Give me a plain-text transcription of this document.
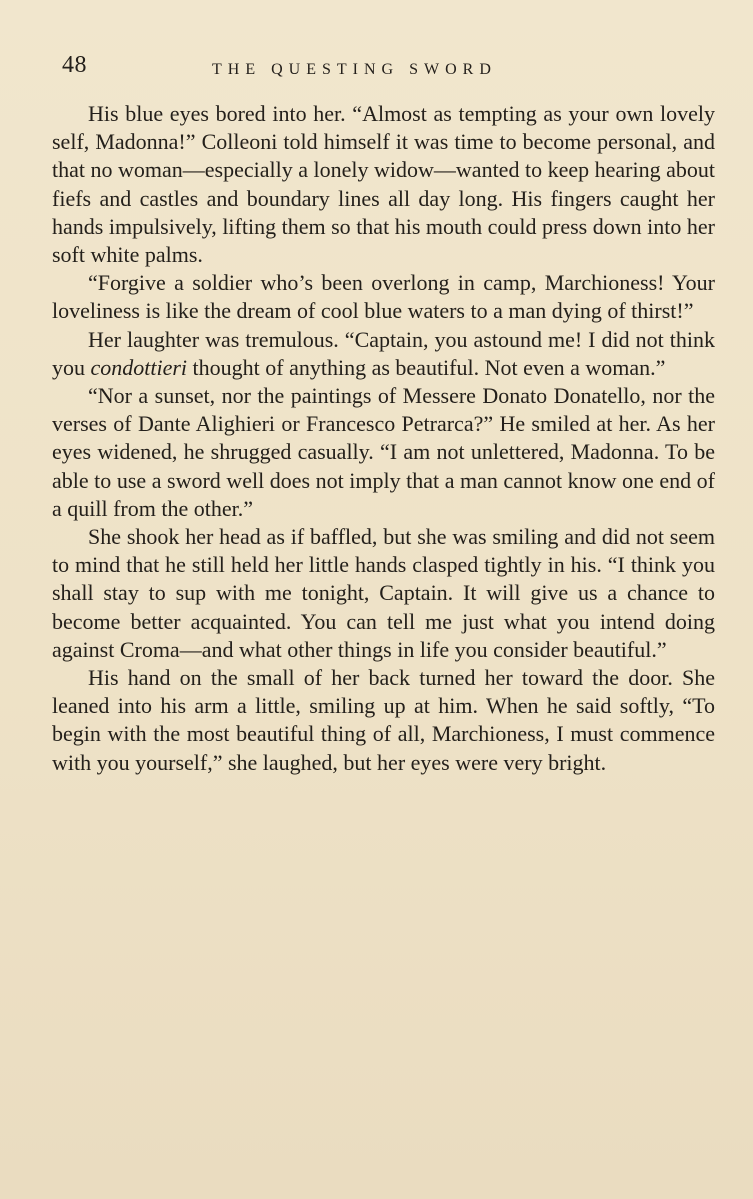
48	THE QUESTING SWORD

His blue eyes bored into her. “Almost as tempting as your own lovely self, Madonna!” Colleoni told himself it was time to become personal, and that no woman—especially a lonely widow—wanted to keep hearing about fiefs and castles and boundary lines all day long. His fingers caught her hands impulsively, lifting them so that his mouth could press down into her soft white palms.

“Forgive a soldier who’s been overlong in camp, Marchioness! Your loveliness is like the dream of cool blue waters to a man dying of thirst!”

Her laughter was tremulous. “Captain, you astound me! I did not think you condottieri thought of anything as beautiful. Not even a woman.”

“Nor a sunset, nor the paintings of Messere Donato Donatello, nor the verses of Dante Alighieri or Francesco Petrarca?” He smiled at her. As her eyes widened, he shrugged casually. “I am not unlettered, Madonna. To be able to use a sword well does not imply that a man cannot know one end of a quill from the other.”

She shook her head as if baffled, but she was smiling and did not seem to mind that he still held her little hands clasped tightly in his. “I think you shall stay to sup with me tonight, Captain. It will give us a chance to become better acquainted. You can tell me just what you intend doing against Croma—and what other things in life you consider beautiful.”

His hand on the small of her back turned her toward the door. She leaned into his arm a little, smiling up at him. When he said softly, “To begin with the most beautiful thing of all, Marchioness, I must commence with you yourself,” she laughed, but her eyes were very bright.
